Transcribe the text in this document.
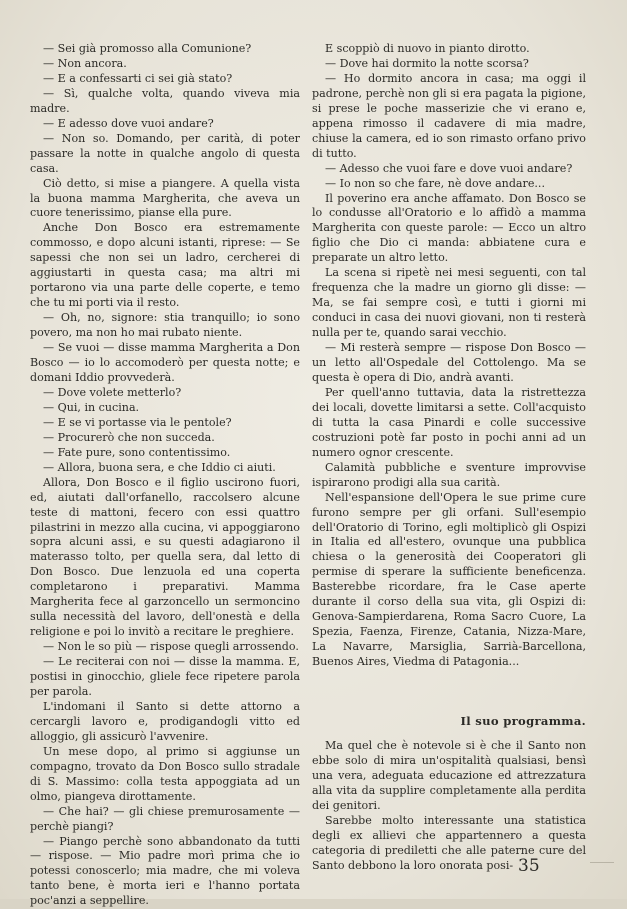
— Sei già promosso alla Comunione?

— Non ancora.

— E a confessarti ci sei già stato?

— Sì, qualche volta, quando viveva mia madre.

— E adesso dove vuoi andare?

— Non so. Domando, per carità, di poter passare la notte in qualche angolo di questa casa.

Ciò detto, si mise a piangere. A quella vista la buona mamma Margherita, che aveva un cuore tenerissimo, pianse ella pure.

Anche Don Bosco era estremamente commosso, e dopo alcuni istanti, riprese: — Se sapessi che non sei un ladro, cercherei di aggiustarti in questa casa; ma altri mi portarono via una parte delle coperte, e temo che tu mi porti via il resto.

— Oh, no, signore: stia tranquillo; io sono povero, ma non ho mai rubato niente.

— Se vuoi — disse mamma Margherita a Don Bosco — io lo accomoderò per questa notte; e domani Iddio provvederà.

— Dove volete metterlo?

— Qui, in cucina.

— E se vi portasse via le pentole?

— Procurerò che non succeda.

— Fate pure, sono contentissimo.

— Allora, buona sera, e che Iddio ci aiuti.

Allora, Don Bosco e il figlio uscirono fuori, ed, aiutati dall'orfanello, raccolsero alcune teste di mattoni, fecero con essi quattro pilastrini in mezzo alla cucina, vi appoggiarono sopra alcuni assi, e su questi adagiarono il materasso tolto, per quella sera, dal letto di Don Bosco. Due lenzuola ed una coperta completarono i preparativi. Mamma Margherita fece al garzoncello un sermoncino sulla necessità del lavoro, dell'onestà e della religione e poi lo invitò a recitare le preghiere.

— Non le so più — rispose quegli arrossendo.

— Le reciterai con noi — disse la mamma. E, postisi in ginocchio, gliele fece ripetere parola per parola.

L'indomani il Santo si dette attorno a cercargli lavoro e, prodigandogli vitto ed alloggio, gli assicurò l'avvenire.

Un mese dopo, al primo si aggiunse un compagno, trovato da Don Bosco sullo stradale di S. Massimo: colla testa appoggiata ad un olmo, piangeva dirottamente.

— Che hai? — gli chiese premurosamente — perchè piangi?

— Piango perchè sono abbandonato da tutti — rispose. — Mio padre morì prima che io potessi conoscerlo; mia madre, che mi voleva tanto bene, è morta ieri e l'hanno portata poc'anzi a seppellire.

E scoppiò di nuovo in pianto dirotto.

— Dove hai dormito la notte scorsa?

— Ho dormito ancora in casa; ma oggi il padrone, perchè non gli si era pagata la pigione, si prese le poche masserizie che vi erano e, appena rimosso il cadavere di mia madre, chiuse la camera, ed io son rimasto orfano privo di tutto.

— Adesso che vuoi fare e dove vuoi andare?

— Io non so che fare, nè dove andare...

Il poverino era anche affamato. Don Bosco se lo condusse all'Oratorio e lo affidò a mamma Margherita con queste parole: — Ecco un altro figlio che Dio ci manda: abbiatene cura e preparate un altro letto.

La scena si ripetè nei mesi seguenti, con tal frequenza che la madre un giorno gli disse: — Ma, se fai sempre così, e tutti i giorni mi conduci in casa dei nuovi giovani, non ti resterà nulla per te, quando sarai vecchio.

— Mi resterà sempre — rispose Don Bosco — un letto all'Ospedale del Cottolengo. Ma se questa è opera di Dio, andrà avanti.

Per quell'anno tuttavia, data la ristrettezza dei locali, dovette limitarsi a sette. Coll'acquisto di tutta la casa Pinardi e colle successive costruzioni potè far posto in pochi anni ad un numero ognor crescente.

Calamità pubbliche e sventure improvvise ispirarono prodigi alla sua carità.

Nell'espansione dell'Opera le sue prime cure furono sempre per gli orfani. Sull'esempio dell'Oratorio di Torino, egli moltiplicò gli Ospizi in Italia ed all'estero, ovunque una pubblica chiesa o la generosità dei Cooperatori gli permise di sperare la sufficiente beneficenza. Basterebbe ricordare, fra le Case aperte durante il corso della sua vita, gli Ospizi di: Genova-Sampierdarena, Roma Sacro Cuore, La Spezia, Faenza, Firenze, Catania, Nizza-Mare, La Navarre, Marsiglia, Sarrià-Barcellona, Buenos Aires, Viedma di Patagonia...

Il suo programma.

Ma quel che è notevole si è che il Santo non ebbe solo di mira un'ospitalità qualsiasi, bensì una vera, adeguata educazione ed attrezzatura alla vita da supplire completamente alla perdita dei genitori.

Sarebbe molto interessante una statistica degli ex allievi che appartennero a questa categoria di prediletti che alle paterne cure del Santo debbono la loro onorata posi- 35
